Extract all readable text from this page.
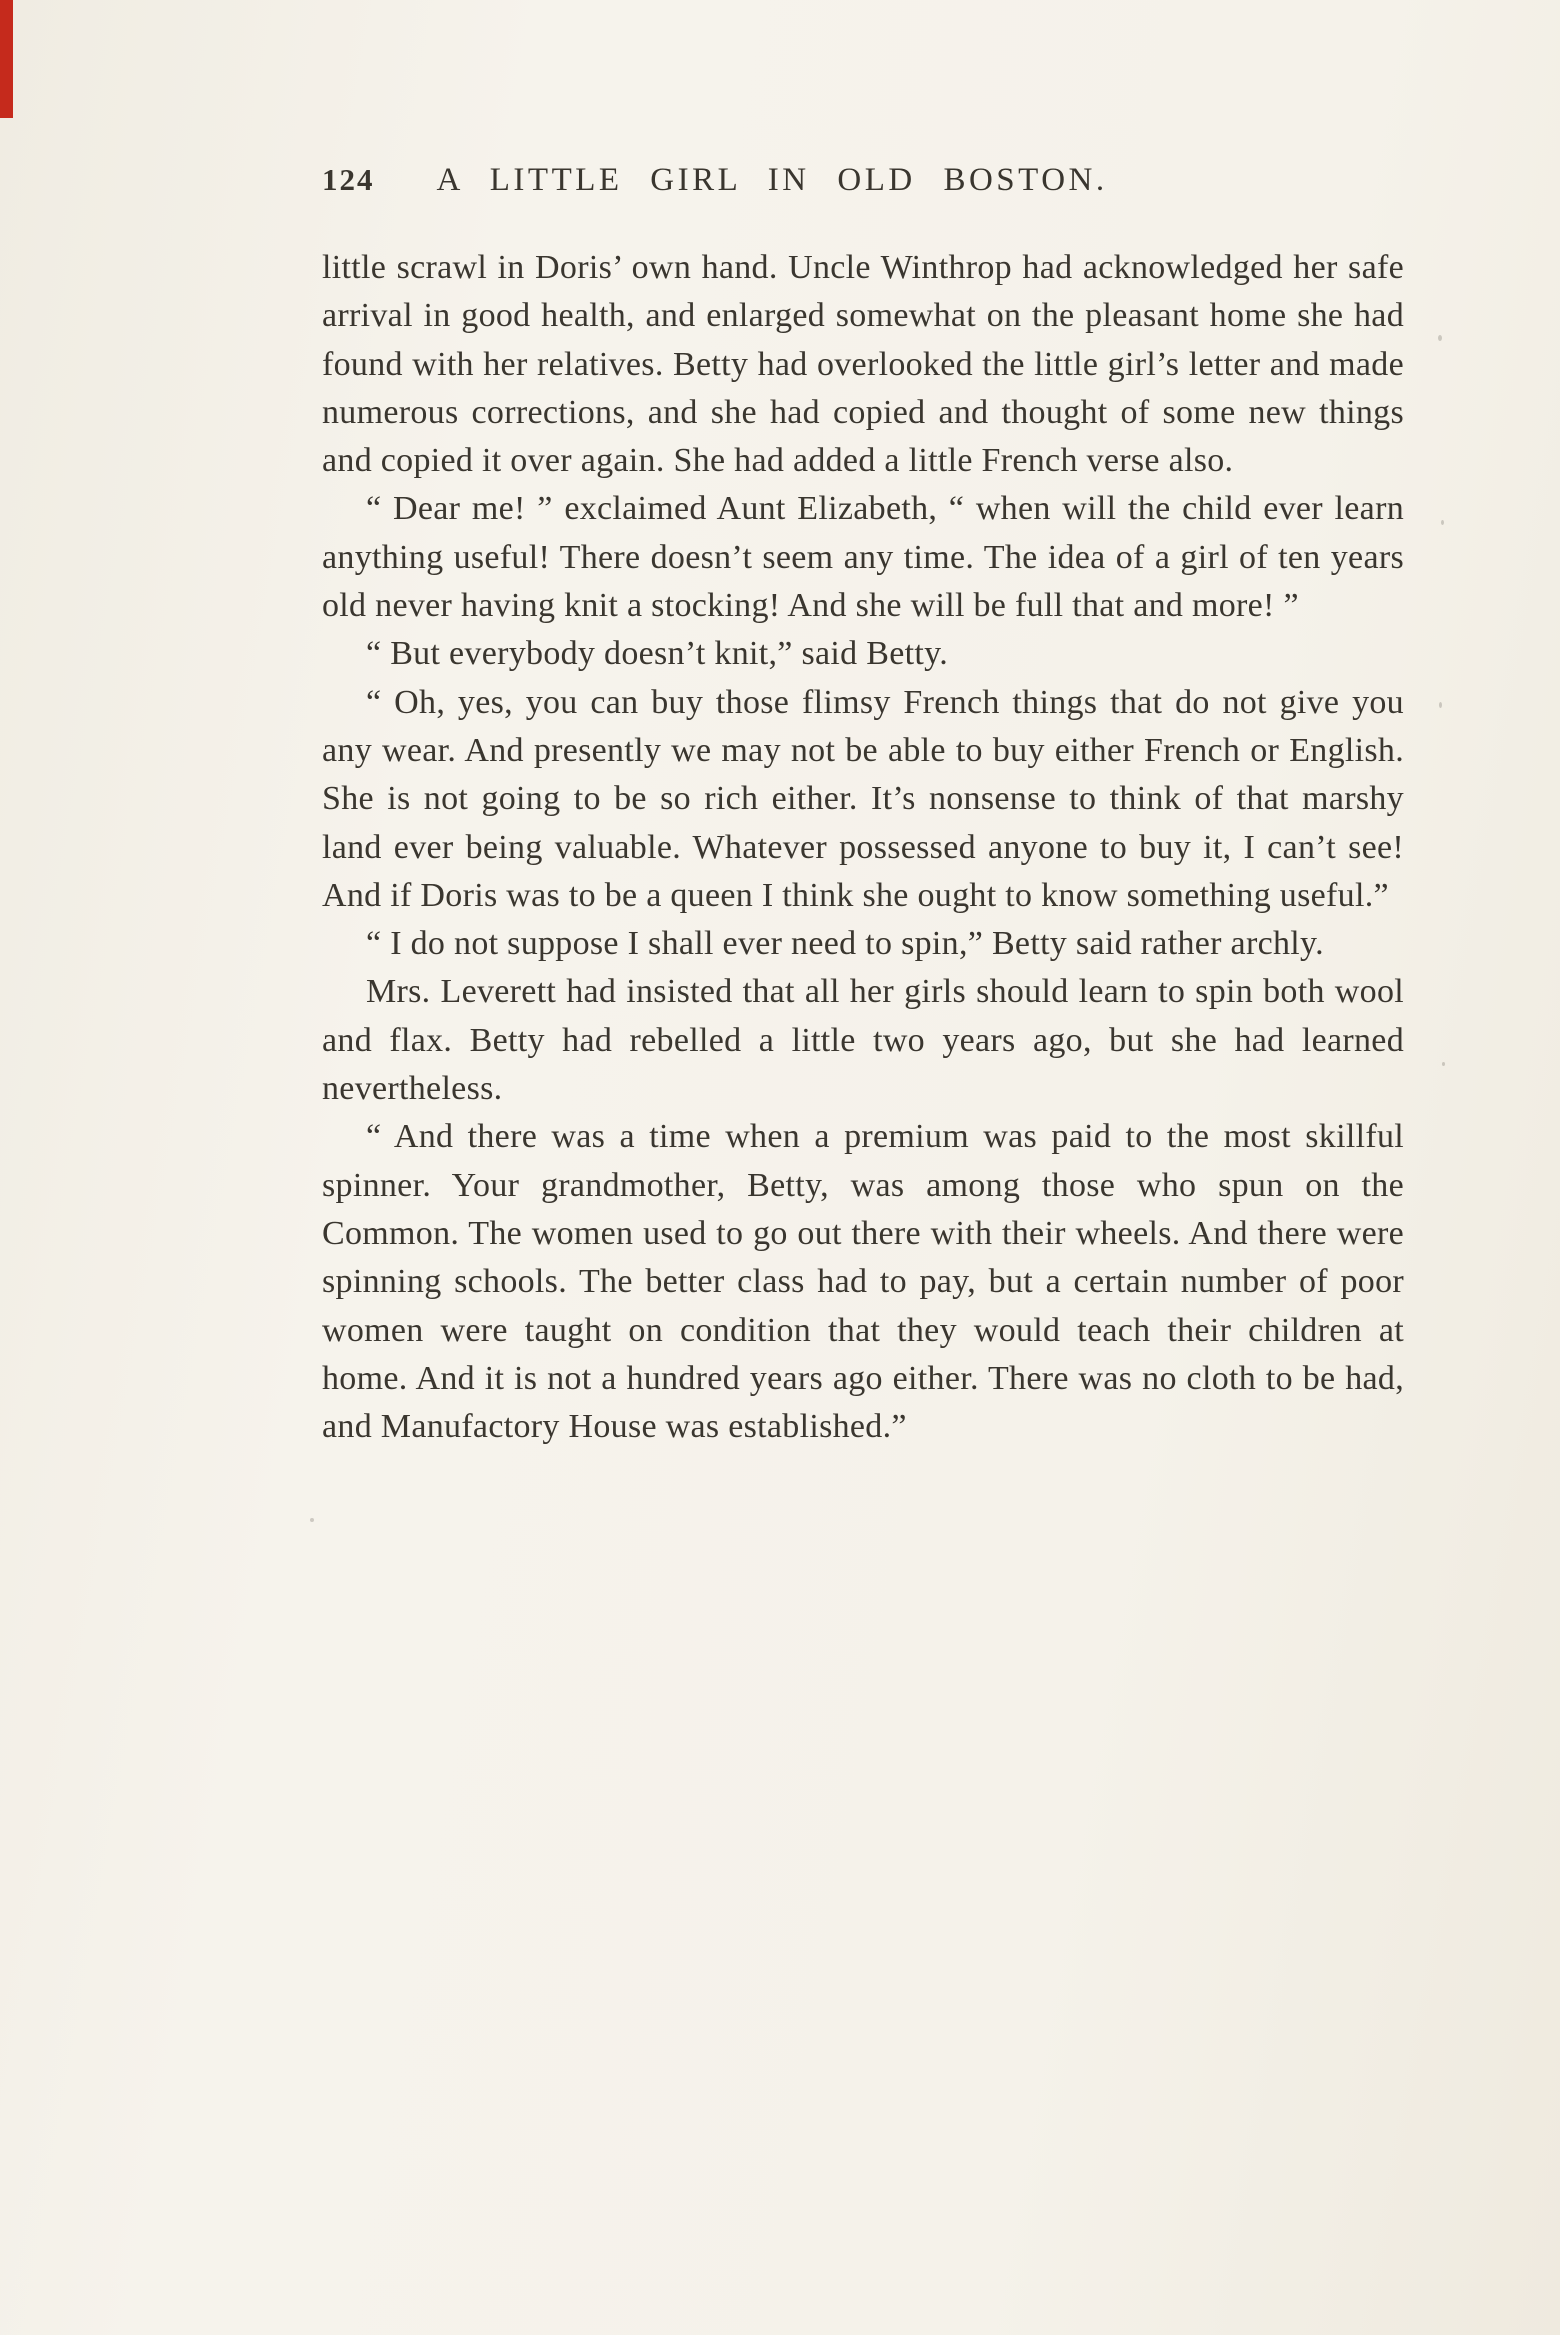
124 A LITTLE GIRL IN OLD BOSTON.

little scrawl in Doris’ own hand. Uncle Winthrop had acknowledged her safe arrival in good health, and enlarged somewhat on the pleasant home she had found with her relatives. Betty had overlooked the little girl’s letter and made numerous corrections, and she had copied and thought of some new things and copied it over again. She had added a little French verse also.

“ Dear me! ” exclaimed Aunt Elizabeth, “ when will the child ever learn anything useful! There doesn’t seem any time. The idea of a girl of ten years old never having knit a stocking! And she will be full that and more! ”

“ But everybody doesn’t knit,” said Betty.

“ Oh, yes, you can buy those flimsy French things that do not give you any wear. And presently we may not be able to buy either French or English. She is not going to be so rich either. It’s nonsense to think of that marshy land ever being valuable. Whatever possessed anyone to buy it, I can’t see! And if Doris was to be a queen I think she ought to know something useful.”

“ I do not suppose I shall ever need to spin,” Betty said rather archly.

Mrs. Leverett had insisted that all her girls should learn to spin both wool and flax. Betty had rebelled a little two years ago, but she had learned nevertheless.

“ And there was a time when a premium was paid to the most skillful spinner. Your grandmother, Betty, was among those who spun on the Common. The women used to go out there with their wheels. And there were spinning schools. The better class had to pay, but a certain number of poor women were taught on condition that they would teach their children at home. And it is not a hundred years ago either. There was no cloth to be had, and Manufactory House was established.”
